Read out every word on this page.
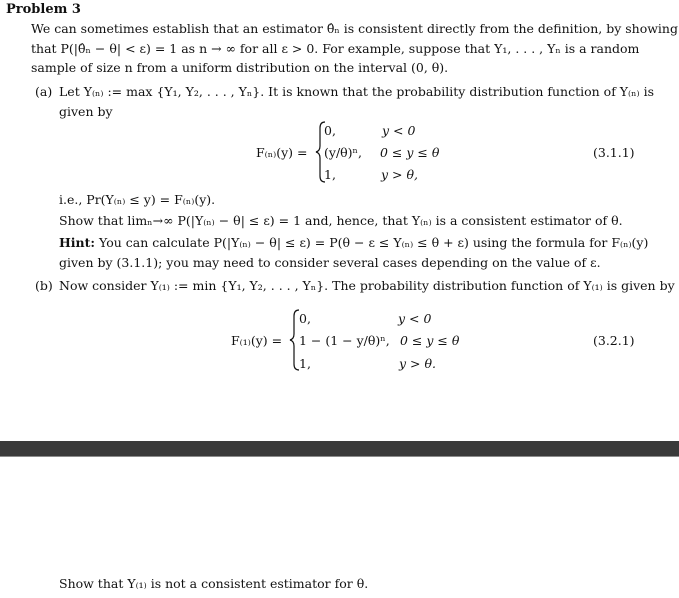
Problem 3
We can sometimes establish that an estimator θ̂ₙ is consistent directly from the definition, by showing
that P(|θ̂ₙ − θ| < ε) = 1 as n → ∞ for all ε > 0. For example, suppose that Y₁, . . . , Yₙ is a random
sample of size n from a uniform distribution on the interval (0, θ).
(a) Let Y₍ₙ₎ := max {Y₁, Y₂, . . . , Yₙ}. It is known that the probability distribution function of Y₍ₙ₎ is
given by
F₍ₙ₎(y) =
0,	y < 0
(y/θ)ⁿ, 0 ≤ y ≤ θ
1,	y > θ,
(3.1.1)
i.e., Pr(Y₍ₙ₎ ≤ y) = F₍ₙ₎(y).
Show that limₙ→∞ P(|Y₍ₙ₎ − θ| ≤ ε) = 1 and, hence, that Y₍ₙ₎ is a consistent estimator of θ.
Hint: You can calculate P(|Y₍ₙ₎ − θ| ≤ ε) = P(θ − ε ≤ Y₍ₙ₎ ≤ θ + ε) using the formula for F₍ₙ₎(y)
given by (3.1.1); you may need to consider several cases depending on the value of ε.
(b) Now consider Y₍₁₎ := min {Y₁, Y₂, . . . , Yₙ}. The probability distribution function of Y₍₁₎ is given by
F₍₁₎(y) =
0,	y < 0
1 − (1 − y/θ)ⁿ, 0 ≤ y ≤ θ
1,	y > θ.
(3.2.1)
Show that Y₍₁₎ is not a consistent estimator for θ.
